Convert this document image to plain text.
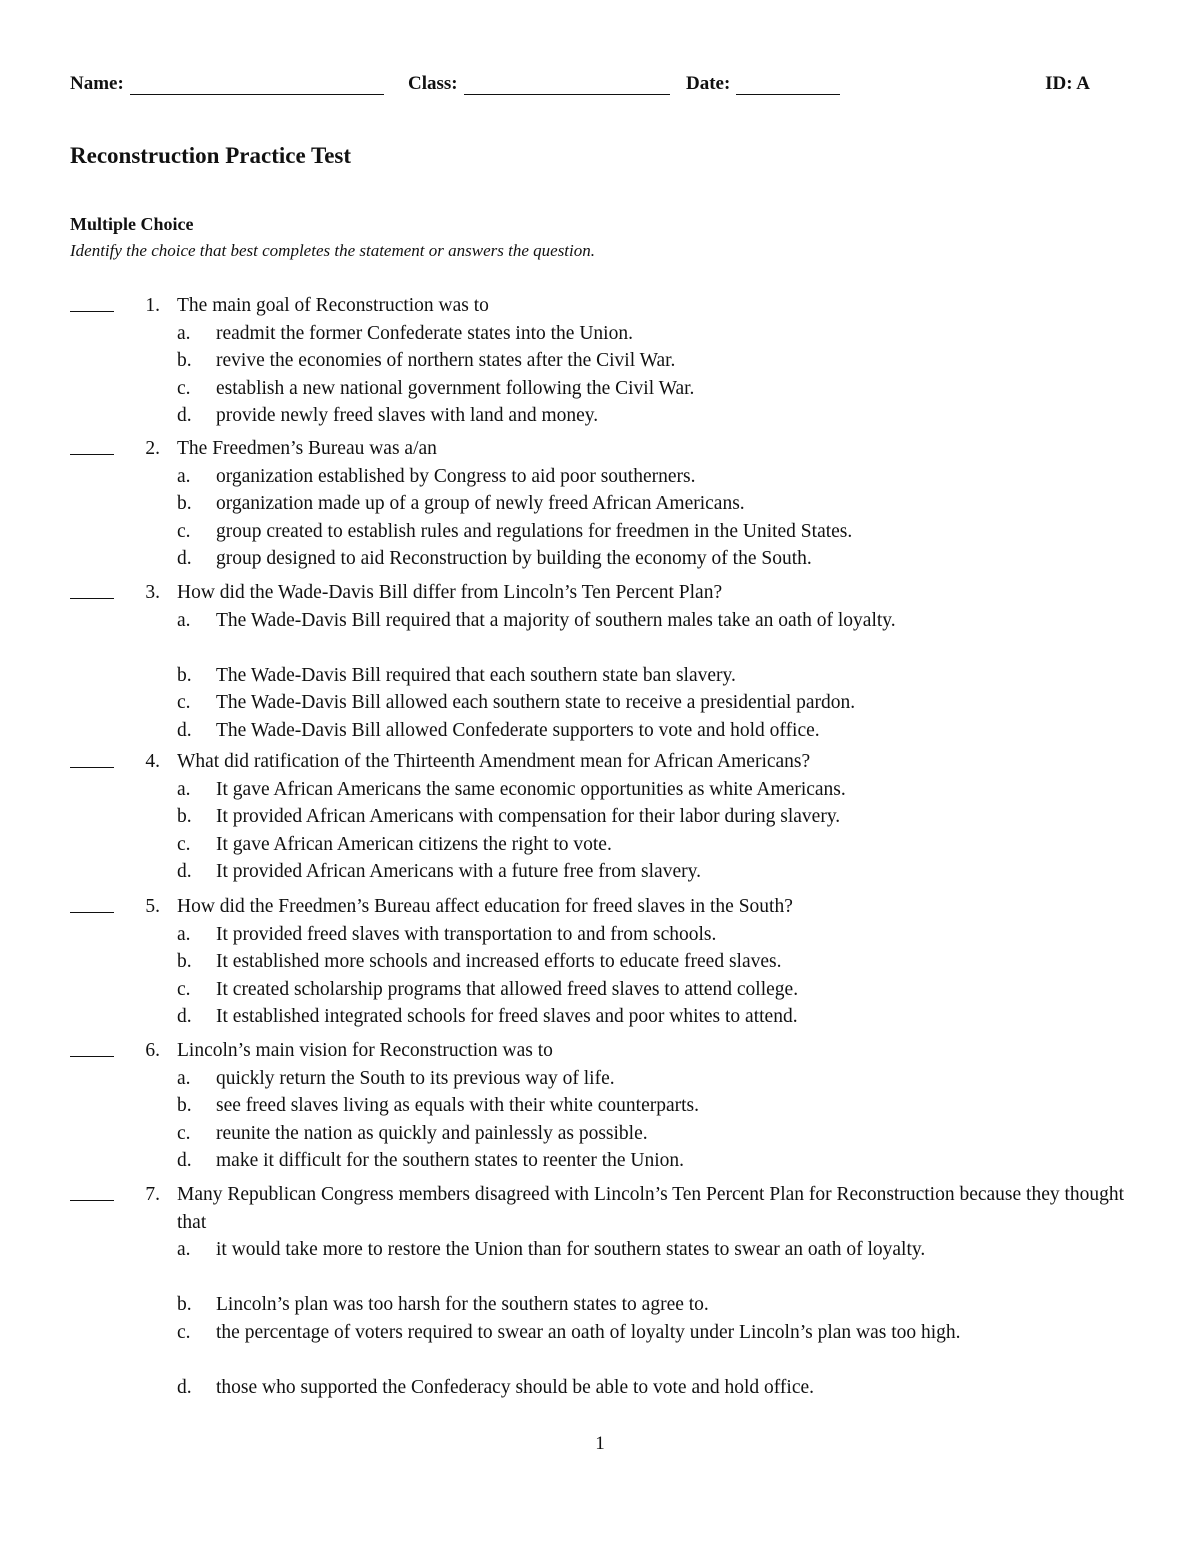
Name:	Class:	Date:	ID: A
Reconstruction Practice Test
Multiple Choice
Identify the choice that best completes the statement or answers the question.
1. The main goal of Reconstruction was to
a. readmit the former Confederate states into the Union.
b. revive the economies of northern states after the Civil War.
c. establish a new national government following the Civil War.
d. provide newly freed slaves with land and money.
2. The Freedmen’s Bureau was a/an
a. organization established by Congress to aid poor southerners.
b. organization made up of a group of newly freed African Americans.
c. group created to establish rules and regulations for freedmen in the United States.
d. group designed to aid Reconstruction by building the economy of the South.
3. How did the Wade-Davis Bill differ from Lincoln’s Ten Percent Plan?
a. The Wade-Davis Bill required that a majority of southern males take an oath of loyalty.
b. The Wade-Davis Bill required that each southern state ban slavery.
c. The Wade-Davis Bill allowed each southern state to receive a presidential pardon.
d. The Wade-Davis Bill allowed Confederate supporters to vote and hold office.
4. What did ratification of the Thirteenth Amendment mean for African Americans?
a. It gave African Americans the same economic opportunities as white Americans.
b. It provided African Americans with compensation for their labor during slavery.
c. It gave African American citizens the right to vote.
d. It provided African Americans with a future free from slavery.
5. How did the Freedmen’s Bureau affect education for freed slaves in the South?
a. It provided freed slaves with transportation to and from schools.
b. It established more schools and increased efforts to educate freed slaves.
c. It created scholarship programs that allowed freed slaves to attend college.
d. It established integrated schools for freed slaves and poor whites to attend.
6. Lincoln’s main vision for Reconstruction was to
a. quickly return the South to its previous way of life.
b. see freed slaves living as equals with their white counterparts.
c. reunite the nation as quickly and painlessly as possible.
d. make it difficult for the southern states to reenter the Union.
7. Many Republican Congress members disagreed with Lincoln’s Ten Percent Plan for Reconstruction because they thought that
a. it would take more to restore the Union than for southern states to swear an oath of loyalty.
b. Lincoln’s plan was too harsh for the southern states to agree to.
c. the percentage of voters required to swear an oath of loyalty under Lincoln’s plan was too high.
d. those who supported the Confederacy should be able to vote and hold office.
1
